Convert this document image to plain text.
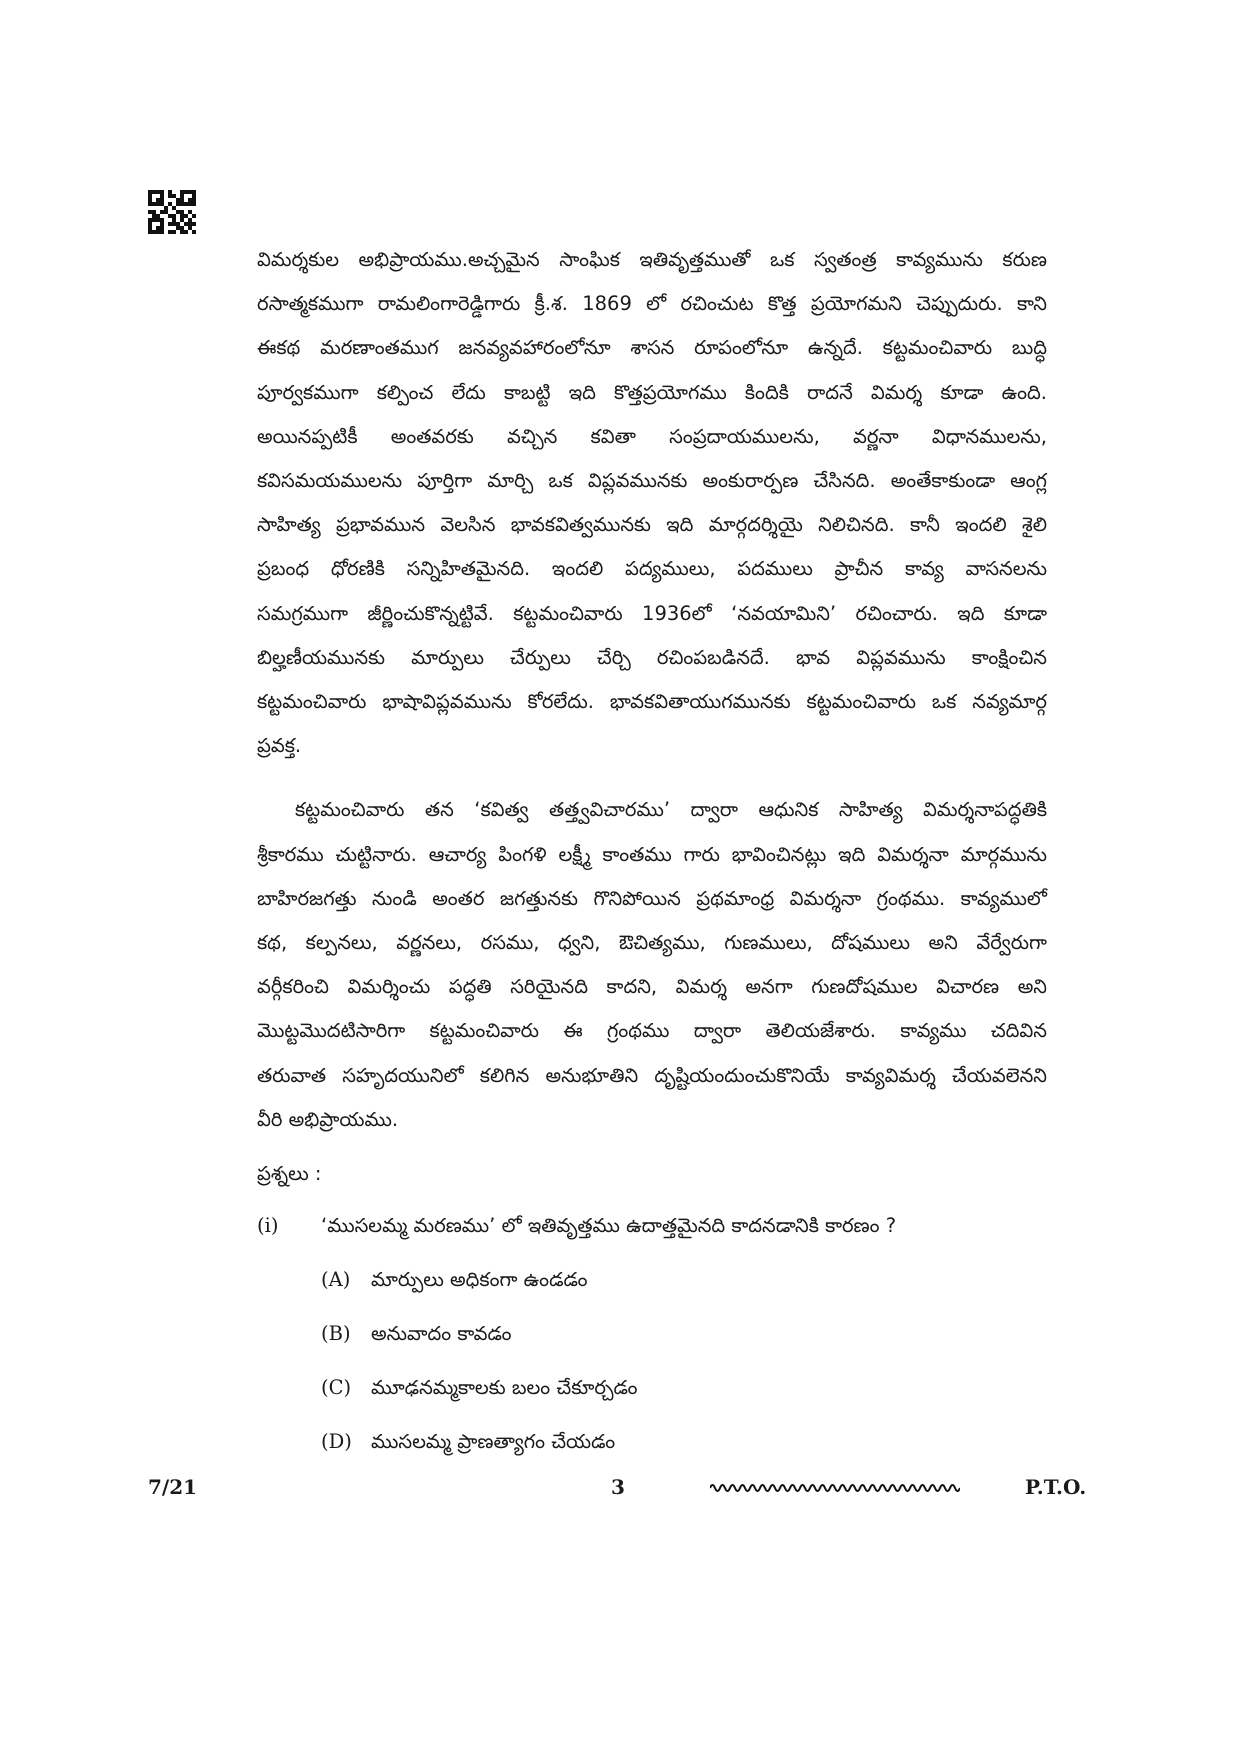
విమర్శకుల అభిప్రాయము.అచ్చమైన సాంఘిక ఇతివృత్తముతో ఒక స్వతంత్ర కావ్యమును కరుణ
రసాత్మకముగా రామలింగారెడ్డిగారు క్రీ.శ. 1869 లో రచించుట కొత్త ప్రయోగమని చెప్పుదురు. కాని
ఈకథ మరణాంతముగ జనవ్యవహారంలోనూ శాసన రూపంలోనూ ఉన్నదే. కట్టమంచివారు బుద్ధి
పూర్వకముగా కల్పించ లేదు కాబట్టి ఇది కొత్తప్రయోగము కిందికి రాదనే విమర్శ కూడా ఉంది.
అయినప్పటికీ అంతవరకు వచ్చిన కవితా సంప్రదాయములను, వర్ణనా విధానములను,
కవిసమయములను పూర్తిగా మార్చి ఒక విప్లవమునకు అంకురార్పణ చేసినది. అంతేకాకుండా ఆంగ్ల
సాహిత్య ప్రభావమున వెలసిన భావకవిత్వమునకు ఇది మార్గదర్శియై నిలిచినది. కానీ ఇందలి శైలి
ప్రబంధ ధోరణికి సన్నిహితమైనది. ఇందలి పద్యములు, పదములు ప్రాచీన కావ్య వాసనలను
సమగ్రముగా జీర్ణించుకొన్నట్టివే. కట్టమంచివారు 1936లో ‘నవయామిని’ రచించారు. ఇది కూడా
బిల్హణీయమునకు మార్పులు చేర్పులు చేర్చి రచింపబడినదే. భావ విప్లవమును కాంక్షించిన
కట్టమంచివారు భాషావిప్లవమును కోరలేదు. భావకవితాయుగమునకు కట్టమంచివారు ఒక నవ్యమార్గ
ప్రవక్త.

కట్టమంచివారు తన ‘కవిత్వ తత్త్వవిచారము’ ద్వారా ఆధునిక సాహిత్య విమర్శనాపద్ధతికి
శ్రీకారము చుట్టినారు. ఆచార్య పింగళి లక్ష్మీ కాంతము గారు భావించినట్లు ఇది విమర్శనా మార్గమును
బాహిరజగత్తు నుండి అంతర జగత్తునకు గొనిపోయిన ప్రథమాంధ్ర విమర్శనా గ్రంథము. కావ్యములో
కథ, కల్పనలు, వర్ణనలు, రసము, ధ్వని, ఔచిత్యము, గుణములు, దోషములు అని వేర్వేరుగా
వర్గీకరించి విమర్శించు పద్ధతి సరియైనది కాదని, విమర్శ అనగా గుణదోషముల విచారణ అని
మొట్టమొదటిసారిగా కట్టమంచివారు ఈ గ్రంథము ద్వారా తెలియజేశారు. కావ్యము చదివిన
తరువాత సహృదయునిలో కలిగిన అనుభూతిని దృష్టియందుంచుకొనియే కావ్యవిమర్శ చేయవలెనని
వీరి అభిప్రాయము.

ప్రశ్నలు :
(i)	‘ముసలమ్మ మరణము’ లో ఇతివృత్తము ఉదాత్తమైనది కాదనడానికి కారణం ?
(A)	మార్పులు అధికంగా ఉండడం
(B)	అనువాదం కావడం
(C)	మూఢనమ్మకాలకు బలం చేకూర్చడం
(D) ముసలమ్మ ప్రాణత్యాగం చేయడం
7/21	3	P.T.O.
